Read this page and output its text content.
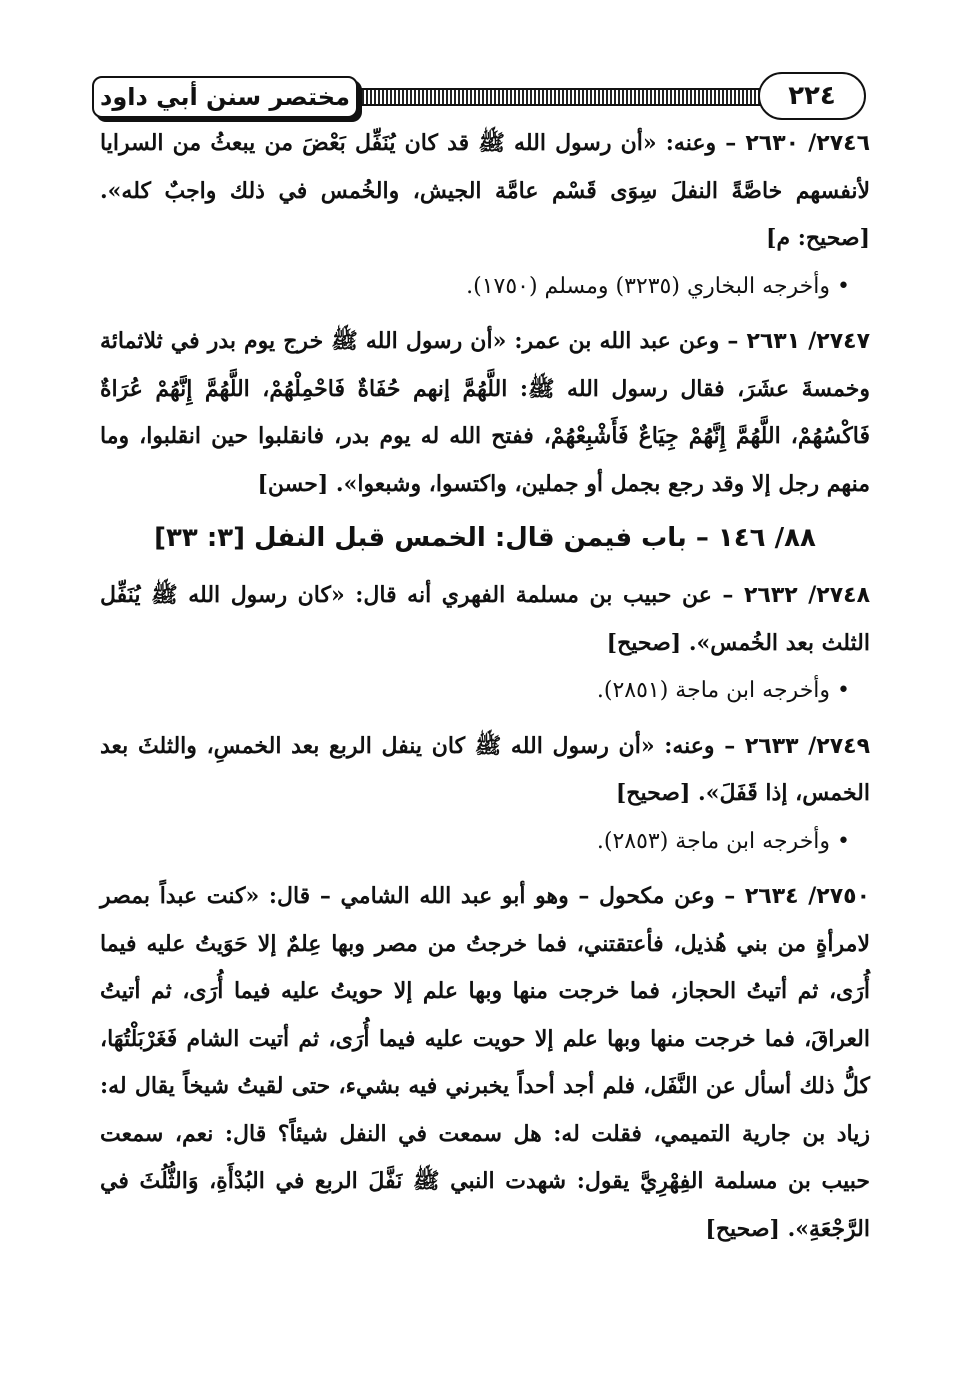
مختصر سنن أبي داود	٢٢٤

٢٧٤٦/ ٢٦٣٠ – وعنه: «أن رسول الله ﷺ قد كان يُنَفِّل بَعْضَ من يبعثُ من السرايا لأنفسهم خاصَّةً النفلَ سِوَى قَسْم عامَّة الجيش، والخُمس في ذلك واجبٌ كله». [صحيح: م]

• وأخرجه البخاري (٣٢٣٥) ومسلم (١٧٥٠).

٢٧٤٧/ ٢٦٣١ – وعن عبد الله بن عمر: «أن رسول الله ﷺ خرج يوم بدر في ثلاثمائة وخمسةَ عشَرَ، فقال رسول الله ﷺ: اللَّهُمَّ إنهم حُفَاةٌ فَاحْمِلْهُمْ، اللَّهُمَّ إِنَّهُمْ عُرَاةٌ فَاكْسُهُمْ، اللَّهُمَّ إِنَّهُمْ جِيَاعٌ فَأَشْبِعْهُمْ، ففتح الله له يوم بدر، فانقلبوا حين انقلبوا، وما منهم رجل إلا وقد رجع بجمل أو جملين، واكتسوا، وشبعوا». [حسن]

٨٨/ ١٤٦ – باب فيمن قال: الخمس قبل النفل [٣: ٣٣]

٢٧٤٨/ ٢٦٣٢ – عن حبيب بن مسلمة الفهري أنه قال: «كان رسول الله ﷺ يُنَفِّل الثلث بعد الخُمس». [صحيح]

• وأخرجه ابن ماجة (٢٨٥١).

٢٧٤٩/ ٢٦٣٣ – وعنه: «أن رسول الله ﷺ كان ينفل الربع بعد الخمسِ، والثلثَ بعد الخمس، إذا قَفَلَ». [صحيح]

• وأخرجه ابن ماجة (٢٨٥٣).

٢٧٥٠/ ٢٦٣٤ – وعن مكحول – وهو أبو عبد الله الشامي – قال: «كنت عبداً بمصر لامرأةٍ من بني هُذيل، فأعتقتني، فما خرجتُ من مصر وبها عِلمٌ إلا حَوَيتُ عليه فيما أُرَى، ثم أتيتُ الحجاز، فما خرجت منها وبها علم إلا حويتُ عليه فيما أُرَى، ثم أتيتُ العراقَ، فما خرجت منها وبها علم إلا حويت عليه فيما أُرَى، ثم أتيت الشام فَغَرْبَلْتُهَا، كلُّ ذلك أسأل عن النَّفَل، فلم أجد أحداً يخبرني فيه بشيء، حتى لقيتُ شيخاً يقال له: زياد بن جارية التميمي، فقلت له: هل سمعت في النفل شيئاً؟ قال: نعم، سمعت حبيب بن مسلمة الفِهْرِيَّ يقول: شهدت النبي ﷺ نَفَّلَ الربع في البُدْأَةِ، وَالثُّلُثَ في الرَّجْعَةِ». [صحيح]
